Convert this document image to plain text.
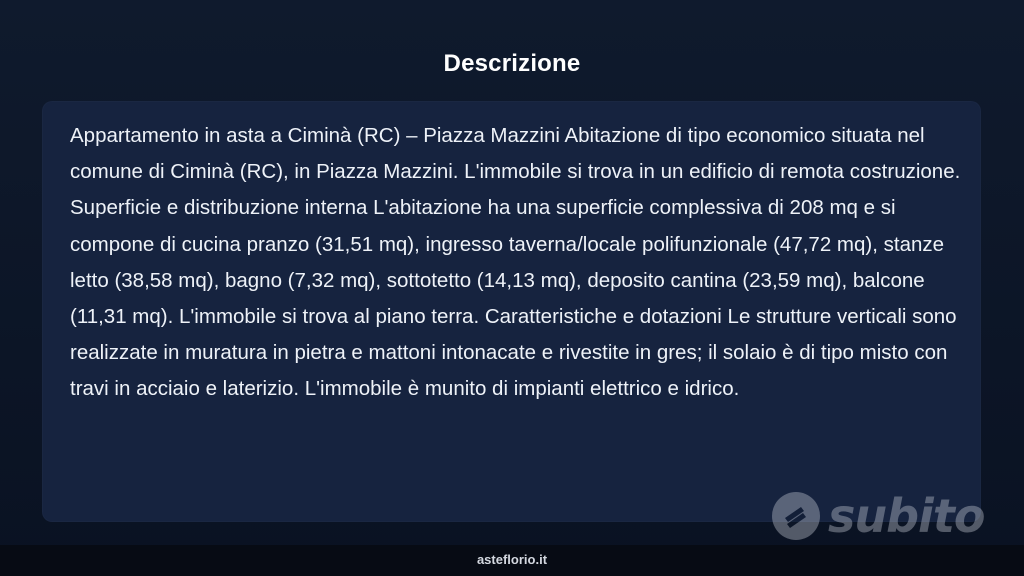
Descrizione

Appartamento in asta a Ciminà (RC) – Piazza Mazzini Abitazione di tipo economico situata nel comune di Ciminà (RC), in Piazza Mazzini. L'immobile si trova in un edificio di remota costruzione. Superficie e distribuzione interna L'abitazione ha una superficie complessiva di 208 mq e si compone di cucina pranzo (31,51 mq), ingresso taverna/locale polifunzionale (47,72 mq), stanze letto (38,58 mq), bagno (7,32 mq), sottotetto (14,13 mq), deposito cantina (23,59 mq), balcone (11,31 mq). L'immobile si trova al piano terra. Caratteristiche e dotazioni Le strutture verticali sono realizzate in muratura in pietra e mattoni intonacate e rivestite in gres; il solaio è di tipo misto con travi in acciaio e laterizio. L'immobile è munito di impianti elettrico e idrico.

subito
asteflorio.it
